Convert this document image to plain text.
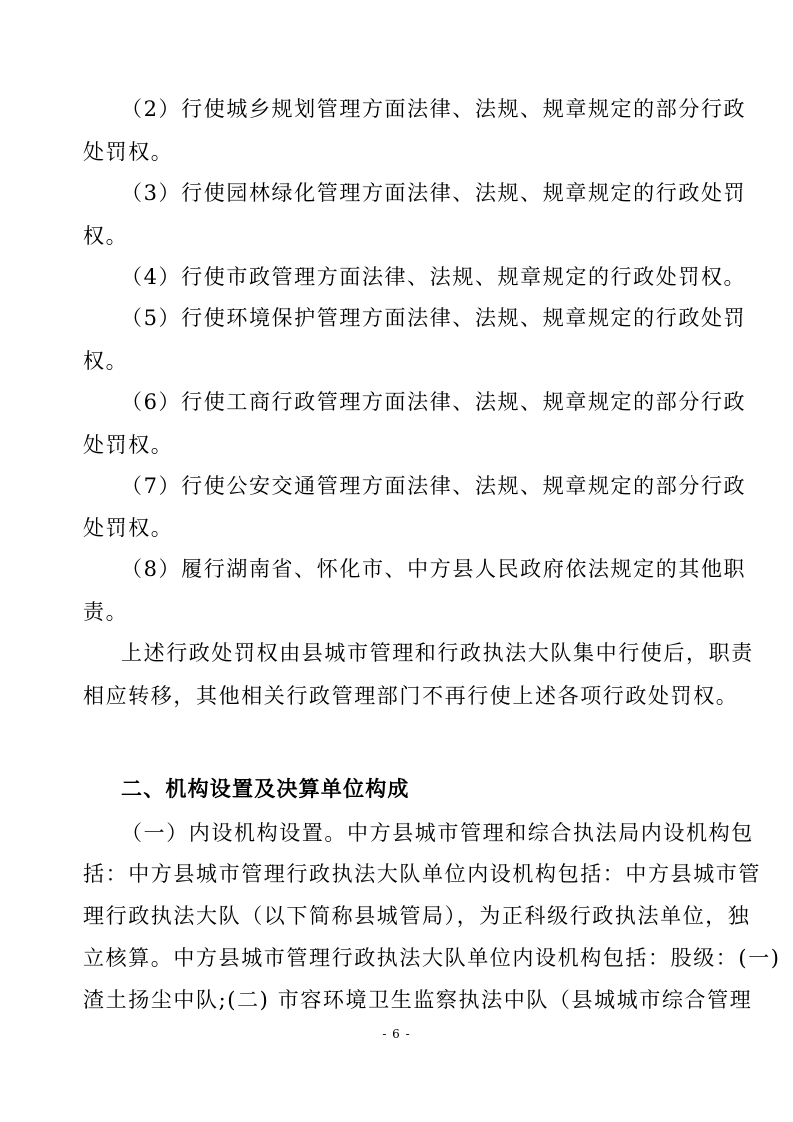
（2）行使城乡规划管理方面法律、法规、规章规定的部分行政
处罚权。
（3）行使园林绿化管理方面法律、法规、规章规定的行政处罚
权。
（4）行使市政管理方面法律、法规、规章规定的行政处罚权。
（5）行使环境保护管理方面法律、法规、规章规定的行政处罚
权。
（6）行使工商行政管理方面法律、法规、规章规定的部分行政
处罚权。
（7）行使公安交通管理方面法律、法规、规章规定的部分行政
处罚权。
（8）履行湖南省、怀化市、中方县人民政府依法规定的其他职
责。
上述行政处罚权由县城市管理和行政执法大队集中行使后，职责
相应转移，其他相关行政管理部门不再行使上述各项行政处罚权。
二、机构设置及决算单位构成
（一）内设机构设置。中方县城市管理和综合执法局内设机构包
括：中方县城市管理行政执法大队单位内设机构包括：中方县城市管
理行政执法大队（以下简称县城管局），为正科级行政执法单位，独
立核算。中方县城市管理行政执法大队单位内设机构包括：股级：(一)
渣土扬尘中队;(二) 市容环境卫生监察执法中队（县城城市综合管理
- 6 -
